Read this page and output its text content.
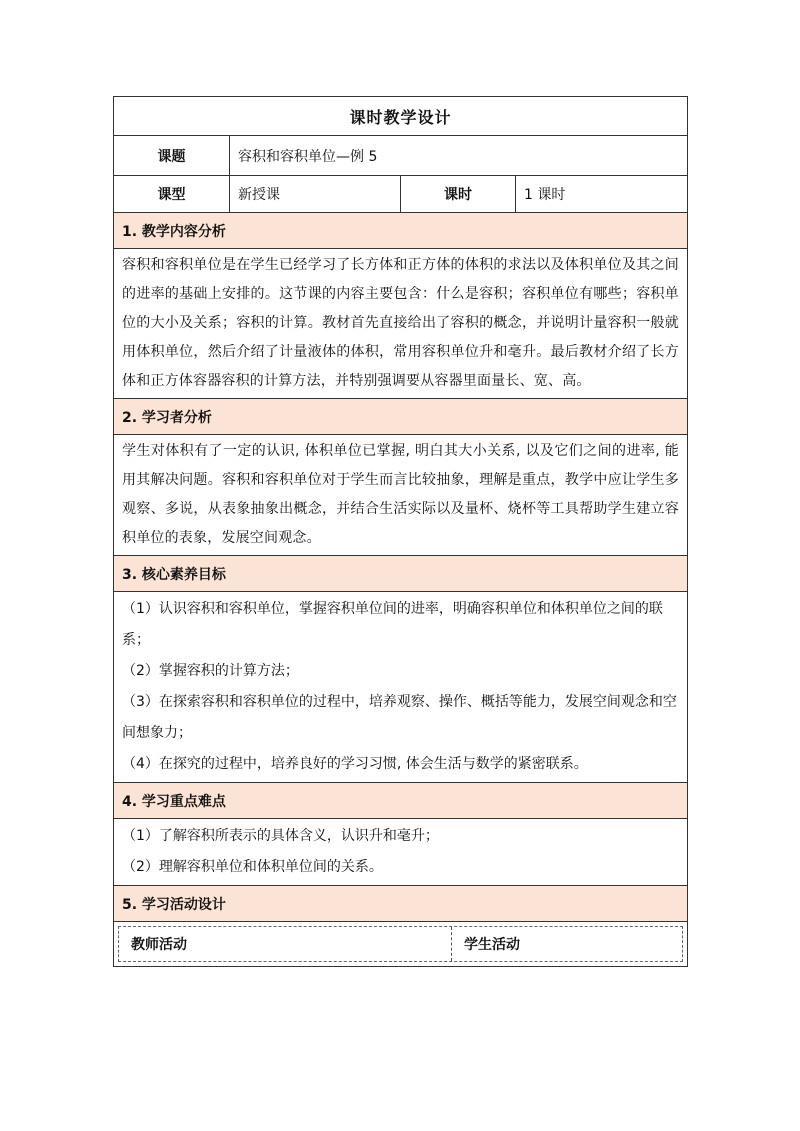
课时教学设计
课题	容积和容积单位—例 5
课型	新授课	课时	1 课时
1. 教学内容分析
容积和容积单位是在学生已经学习了长方体和正方体的体积的求法以及体积单位及其之间的进率的基础上安排的。这节课的内容主要包含：什么是容积；容积单位有哪些；容积单位的大小及关系；容积的计算。教材首先直接给出了容积的概念，并说明计量容积一般就用体积单位，然后介绍了计量液体的体积，常用容积单位升和毫升。最后教材介绍了长方体和正方体容器容积的计算方法，并特别强调要从容器里面量长、宽、高。
2. 学习者分析
学生对体积有了一定的认识, 体积单位已掌握, 明白其大小关系, 以及它们之间的进率, 能用其解决问题。容积和容积单位对于学生而言比较抽象，理解是重点，教学中应让学生多观察、多说，从表象抽象出概念，并结合生活实际以及量杯、烧杯等工具帮助学生建立容积单位的表象，发展空间观念。
3. 核心素养目标

（1）认识容积和容积单位，掌握容积单位间的进率，明确容积单位和体积单位之间的联系；
（2）掌握容积的计算方法；
（3）在探索容积和容积单位的过程中，培养观察、操作、概括等能力，发展空间观念和空间想象力；
（4）在探究的过程中，培养良好的学习习惯, 体会生活与数学的紧密联系。

4. 学习重点难点

（1）了解容积所表示的具体含义，认识升和毫升；
（2）理解容积单位和体积单位间的关系。

5. 学习活动设计

教师活动	学生活动
